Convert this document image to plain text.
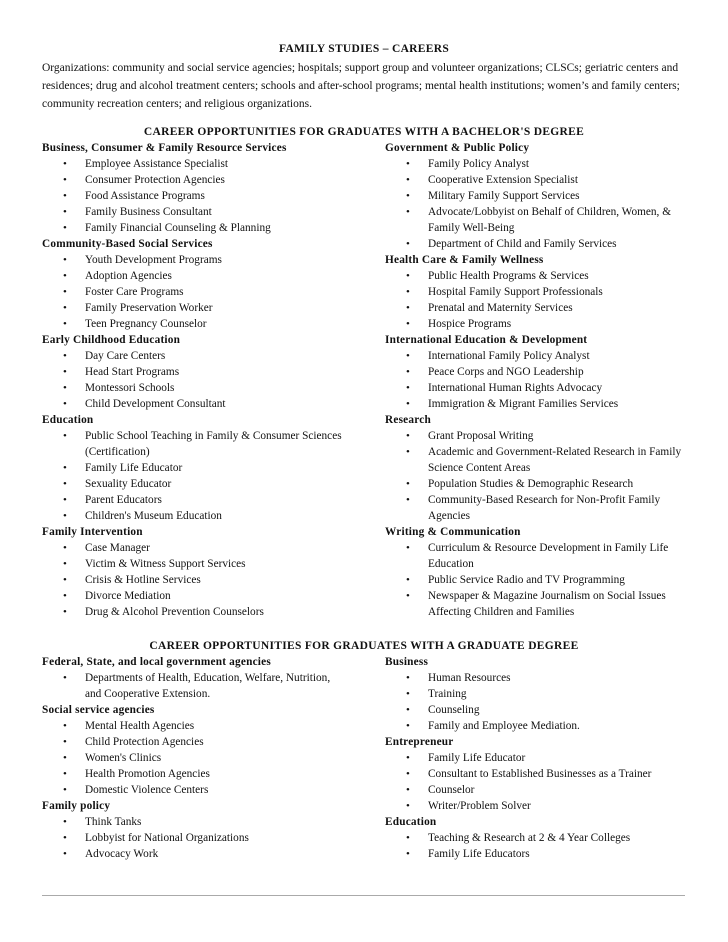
FAMILY STUDIES – CAREERS
Organizations: community and social service agencies; hospitals; support group and volunteer organizations; CLSCs; geriatric centers and residences; drug and alcohol treatment centers; schools and after-school programs; mental health institutions; women’s and family centers; community recreation centers; and religious organizations.
CAREER OPPORTUNITIES FOR GRADUATES WITH A BACHELOR'S DEGREE
Business, Consumer & Family Resource Services
• Employee Assistance Specialist
• Consumer Protection Agencies
• Food Assistance Programs
• Family Business Consultant
• Family Financial Counseling & Planning
Community-Based Social Services
• Youth Development Programs
• Adoption Agencies
• Foster Care Programs
• Family Preservation Worker
• Teen Pregnancy Counselor
Early Childhood Education
• Day Care Centers
• Head Start Programs
• Montessori Schools
• Child Development Consultant
Education
• Public School Teaching in Family & Consumer Sciences (Certification)
• Family Life Educator
• Sexuality Educator
• Parent Educators
• Children's Museum Education
Family Intervention
• Case Manager
• Victim & Witness Support Services
• Crisis & Hotline Services
• Divorce Mediation
• Drug & Alcohol Prevention Counselors
Government & Public Policy
• Family Policy Analyst
• Cooperative Extension Specialist
• Military Family Support Services
• Advocate/Lobbyist on Behalf of Children, Women, & Family Well-Being
• Department of Child and Family Services
Health Care & Family Wellness
• Public Health Programs & Services
• Hospital Family Support Professionals
• Prenatal and Maternity Services
• Hospice Programs
International Education & Development
• International Family Policy Analyst
• Peace Corps and NGO Leadership
• International Human Rights Advocacy
• Immigration & Migrant Families Services
Research
• Grant Proposal Writing
• Academic and Government-Related Research in Family Science Content Areas
• Population Studies & Demographic Research
• Community-Based Research for Non-Profit Family Agencies
Writing & Communication
• Curriculum & Resource Development in Family Life Education
• Public Service Radio and TV Programming
• Newspaper & Magazine Journalism on Social Issues Affecting Children and Families
CAREER OPPORTUNITIES FOR GRADUATES WITH A GRADUATE DEGREE
Federal, State, and local government agencies
• Departments of Health, Education, Welfare, Nutrition, and Cooperative Extension.
Social service agencies
• Mental Health Agencies
• Child Protection Agencies
• Women's Clinics
• Health Promotion Agencies
• Domestic Violence Centers
Family policy
• Think Tanks
• Lobbyist for National Organizations
• Advocacy Work
Business
• Human Resources
• Training
• Counseling
• Family and Employee Mediation.
Entrepreneur
• Family Life Educator
• Consultant to Established Businesses as a Trainer
• Counselor
• Writer/Problem Solver
Education
• Teaching & Research at 2 & 4 Year Colleges
• Family Life Educators
